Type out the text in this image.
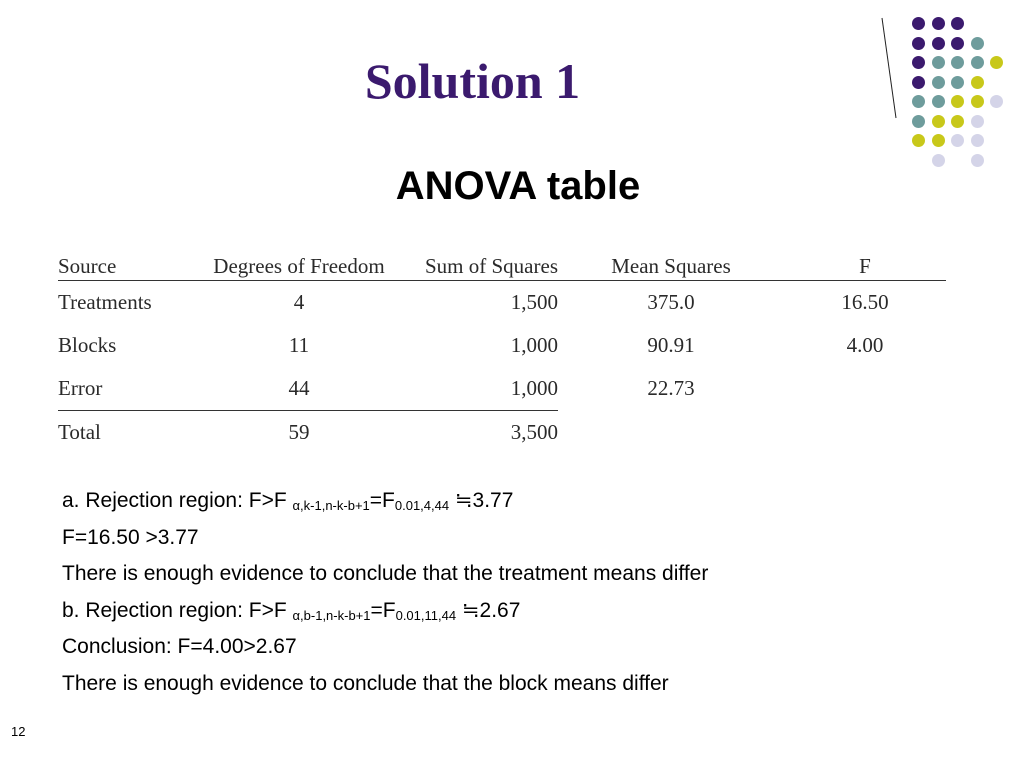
Solution 1
ANOVA table
Source	Degrees of Freedom	Sum of Squares	Mean Squares	F
Treatments	4	1,500	375.0	16.50
Blocks	11	1,000	90.91	4.00
Error	44	1,000	22.73	
Total	59	3,500		
a. Rejection region: F>F $_{\alpha,k-1,n-k-b+1}=F_{0.01,4,44}$ ≒3.77
F=16.50 >3.77
There is enough evidence to conclude that the treatment means differ
b. Rejection region: F>F $_{\alpha,b-1,n-k-b+1}=F_{0.01,11,44}$ ≒2.67
Conclusion: F=4.00>2.67
There is enough evidence to conclude that the block means differ
12
